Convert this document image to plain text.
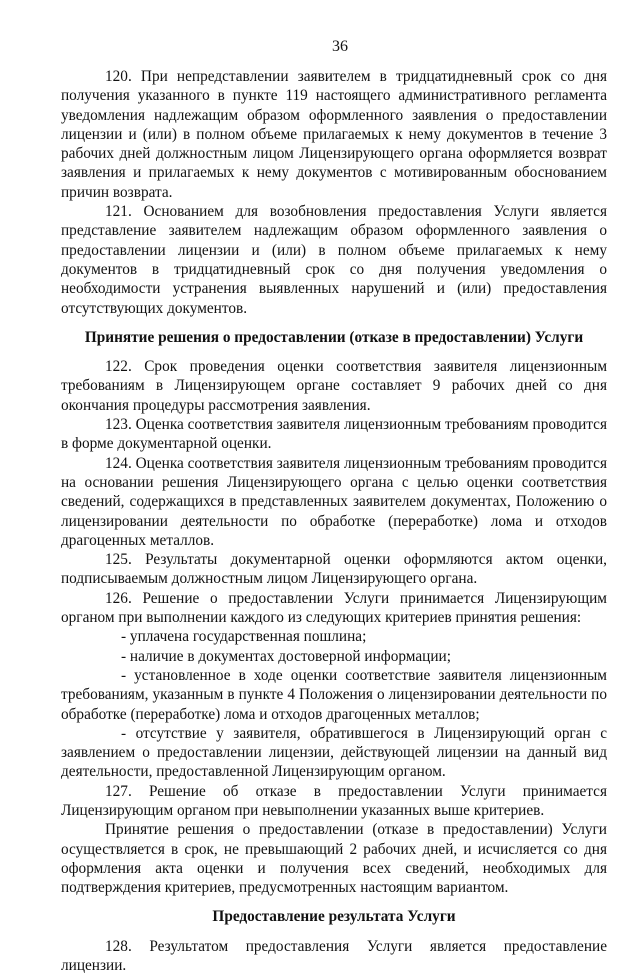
36

120. При непредставлении заявителем в тридцатидневный срок со дня получения указанного в пункте 119 настоящего административного регламента уведомления надлежащим образом оформленного заявления о предоставлении лицензии и (или) в полном объеме прилагаемых к нему документов в течение 3 рабочих дней должностным лицом Лицензирующего органа оформляется возврат заявления и прилагаемых к нему документов с мотивированным обоснованием причин возврата.

121. Основанием для возобновления предоставления Услуги является представление заявителем надлежащим образом оформленного заявления о предоставлении лицензии и (или) в полном объеме прилагаемых к нему документов в тридцатидневный срок со дня получения уведомления о необходимости устранения выявленных нарушений и (или) предоставления отсутствующих документов.

Принятие решения о предоставлении (отказе в предоставлении) Услуги

122. Срок проведения оценки соответствия заявителя лицензионным требованиям в Лицензирующем органе составляет 9 рабочих дней со дня окончания процедуры рассмотрения заявления.

123. Оценка соответствия заявителя лицензионным требованиям проводится в форме документарной оценки.

124. Оценка соответствия заявителя лицензионным требованиям проводится на основании решения Лицензирующего органа с целью оценки соответствия сведений, содержащихся в представленных заявителем документах, Положению о лицензировании деятельности по обработке (переработке) лома и отходов драгоценных металлов.

125. Результаты документарной оценки оформляются актом оценки, подписываемым должностным лицом Лицензирующего органа.

126. Решение о предоставлении Услуги принимается Лицензирующим органом при выполнении каждого из следующих критериев принятия решения:

- уплачена государственная пошлина;

- наличие в документах достоверной информации;

- установленное в ходе оценки соответствие заявителя лицензионным требованиям, указанным в пункте 4 Положения о лицензировании деятельности по обработке (переработке) лома и отходов драгоценных металлов;

- отсутствие у заявителя, обратившегося в Лицензирующий орган с заявлением о предоставлении лицензии, действующей лицензии на данный вид деятельности, предоставленной Лицензирующим органом.

127. Решение об отказе в предоставлении Услуги принимается Лицензирующим органом при невыполнении указанных выше критериев.

Принятие решения о предоставлении (отказе в предоставлении) Услуги осуществляется в срок, не превышающий 2 рабочих дней, и исчисляется со дня оформления акта оценки и получения всех сведений, необходимых для подтверждения критериев, предусмотренных настоящим вариантом.

Предоставление результата Услуги

128. Результатом предоставления Услуги является предоставление лицензии.
